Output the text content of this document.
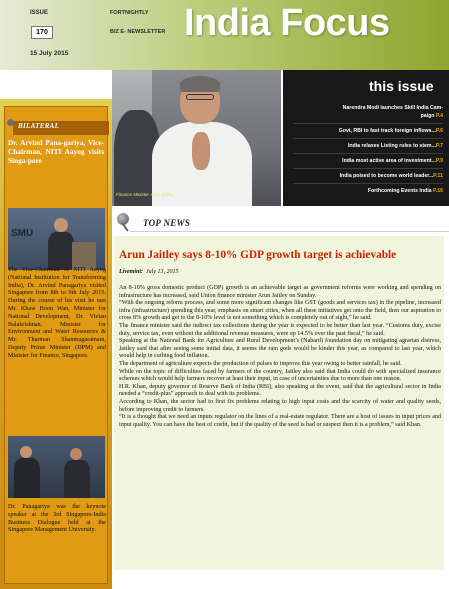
ISSUE
170
15 July 2015
FORTNIGHTLY
BIZ E- NEWSLETTER India Focus
Finance Minister Arun Jaitley
this issue
Narendra Modi launches Skill India Cam-
paign P.4
Govt, RBI to fast track foreign inflows...P.6
India relaxes Listing rules to stem...P.7
India most active area of investment...P.9
India poised to become world leader...P.11
Forthcoming Events India P.16
BILATERAL
Dr. Arvind Pana-gariya, Vice-Chairman, NITI Aayog visits Singa-pore
SMU
The Vice-Chairman of NITI Aayog (National Institution for Transforming India), Dr. Arvind Panagariya visited Singapore from 8th to 9th July 2015. During the course of his visit he met Mr. Khaw Boon Wan, Minister for National Development, Dr. Vivian Balakrishnan, Minister for Environment and Water Resources & Mr. Tharman Shanmugaratnam, Deputy Prime Minister (DPM) and Minister for Finance, Singapore.
Dr. Panagariya was the keynote speaker at the 3rd Singapore-India Business Dialogue held at the Singapore Management University.
TOP NEWS
Arun Jaitley says 8-10% GDP growth target is achievable
Livemint: July 13, 2015

An 8-10% gross domestic product (GDP) growth is an achievable target as government reforms were working and spending on infrastructure has increased, said Union finance minister Arun Jaitley on Sunday.

“With the ongoing reform process, and some more significant changes like GST (goods and services tax) in the pipeline, increased infra (infrastructure) spending this year, emphasis on smart cities, when all these initiatives get onto the field, then our aspiration to cross 8% growth and get to the 8-10% level is not something which is completely out of sight,” he said.

The finance minister said the indirect tax collections during the year is expected to be better than last year. “Customs duty, excise duty, service tax, even without the additional revenue measures, were up 14.5% over the past fiscal,” he said.

Speaking at the National Bank for Agriculture and Rural Development’s (Nabard) foundation day on mitigating agrarian distress, Jaitley said that after seeing some initial data, it seems the rain gods would be kinder this year, as compared to last year, which would help in curbing food inflation.

The department of agriculture expects the production of pulses to improve this year owing to better rainfall, he said.

While on the topic of difficulties faced by farmers of the country, Jaitley also said that India could do with specialized insurance schemes which would help farmers recover at least their input, in case of uncertainties due to more than one reason.

H.R. Khan, deputy governor of Reserve Bank of India (RBI), also speaking at the event, said that the agricultural sector in India needed a “credit-plus” approach to deal with its problems.

According to Khan, the sector had to first fix problems relating to high input costs and the scarcity of water and quality seeds, before improving credit to farmers.

“It is a thought that we need an inputs regulator on the lines of a real-estate regulator. There are a host of issues in input prices and input quality. You can have the best of credit, but if the quality of the seed is bad or suspect then it is a problem,” said Khan.
